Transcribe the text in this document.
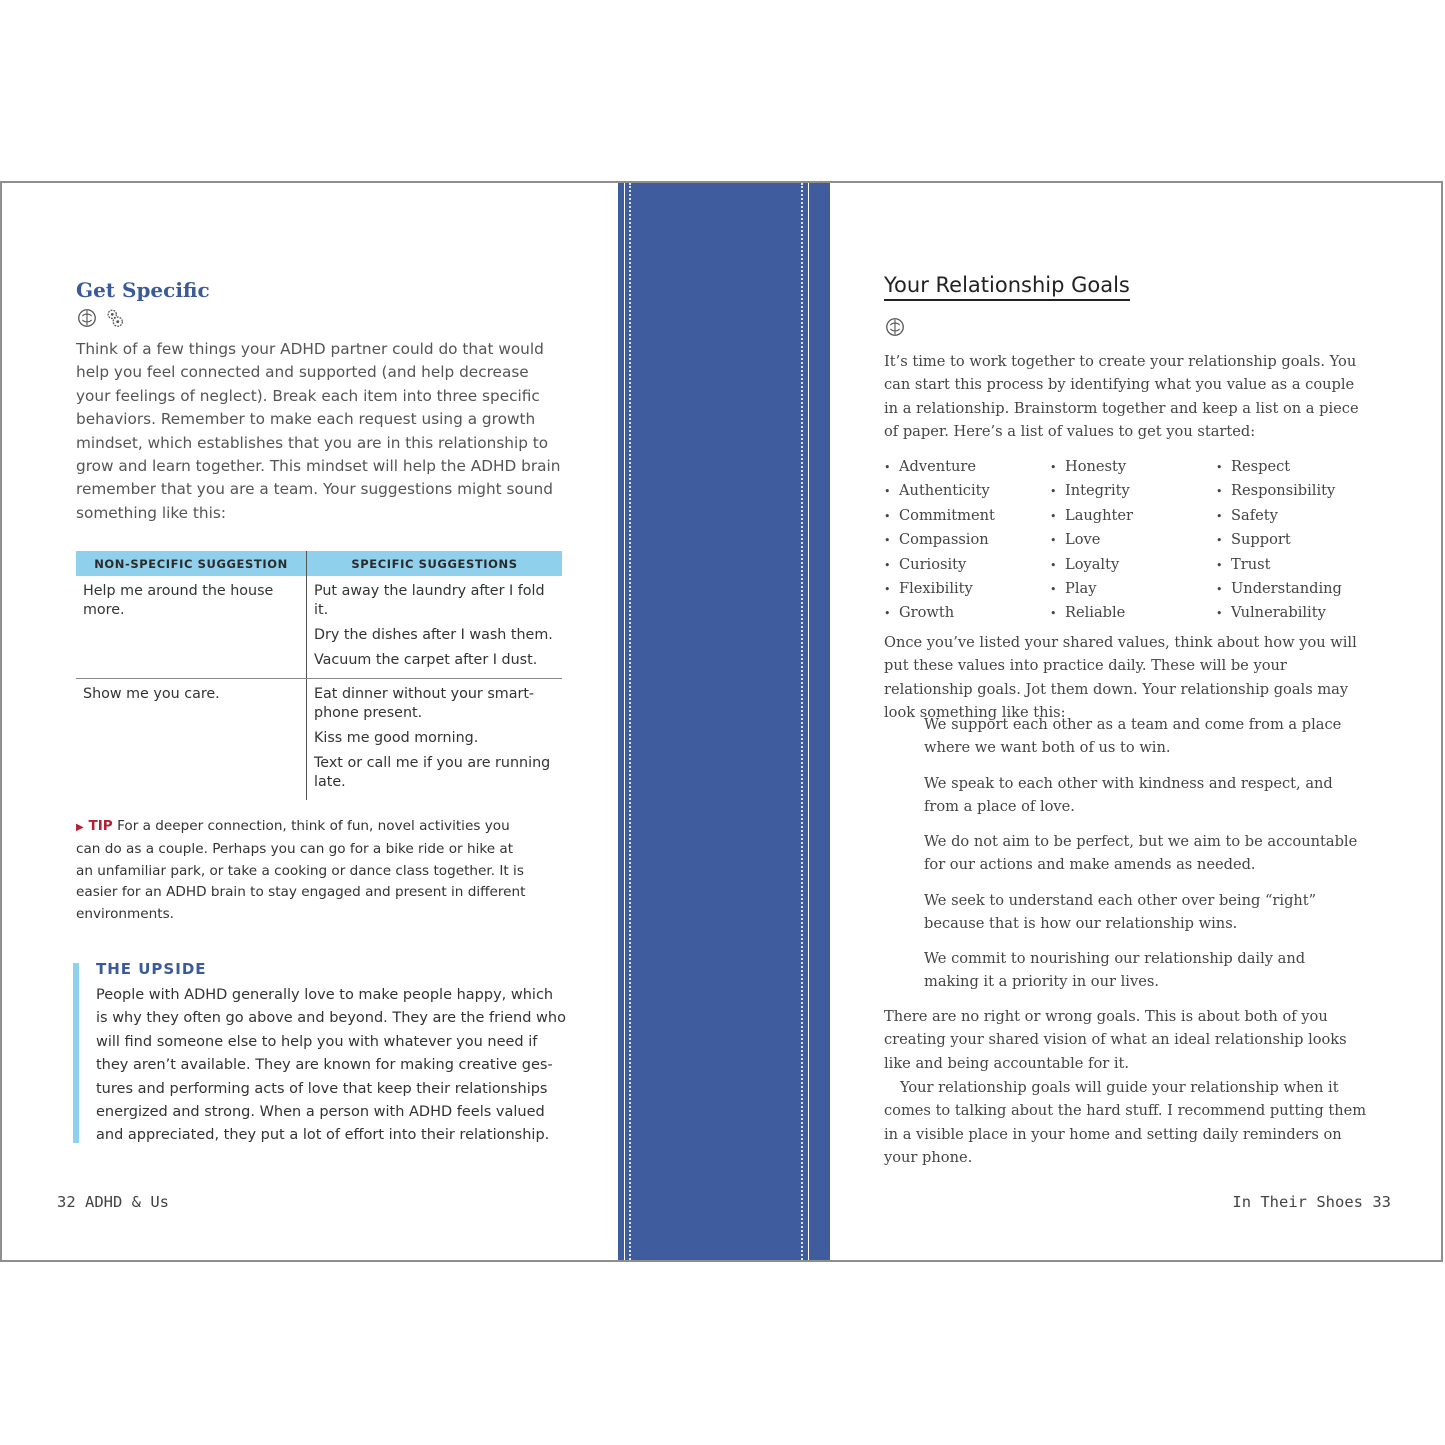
Get Specific

Think of a few things your ADHD partner could do that would help you feel connected and supported (and help decrease your feelings of neglect). Break each item into three specific behaviors. Remember to make each request using a growth mindset, which establishes that you are in this relationship to grow and learn together. This mindset will help the ADHD brain remember that you are a team. Your suggestions might sound something like this:

NON-SPECIFIC SUGGESTION	SPECIFIC SUGGESTIONS
Help me around the house more.	Put away the laundry after I fold it.

Dry the dishes after I wash them.

Vacuum the carpet after I dust.

Show me you care.	Eat dinner without your smart-phone present.

Kiss me good morning.

Text or call me if you are running late.

▶ TIP For a deeper connection, think of fun, novel activities you can do as a couple. Perhaps you can go for a bike ride or hike at an unfamiliar park, or take a cooking or dance class together. It is easier for an ADHD brain to stay engaged and present in different environments.

THE UPSIDE

People with ADHD generally love to make people happy, which is why they often go above and beyond. They are the friend who will find someone else to help you with whatever you need if they aren’t available. They are known for making creative ges-tures and performing acts of love that keep their relationships energized and strong. When a person with ADHD feels valued and appreciated, they put a lot of effort into their relationship.

32 ADHD & Us

Your Relationship Goals

It’s time to work together to create your relationship goals. You can start this process by identifying what you value as a couple in a relationship. Brainstorm together and keep a list on a piece of paper. Here’s a list of values to get you started:

• Adventure
• Authenticity
• Commitment
• Compassion
• Curiosity
• Flexibility
• Growth
• Honesty
• Integrity
• Laughter
• Love
• Loyalty
• Play
• Reliable
• Respect
• Responsibility
• Safety
• Support
• Trust
• Understanding
• Vulnerability

Once you’ve listed your shared values, think about how you will put these values into practice daily. These will be your relationship goals. Jot them down. Your relationship goals may look something like this:

We support each other as a team and come from a place where we want both of us to win.

We speak to each other with kindness and respect, and from a place of love.

We do not aim to be perfect, but we aim to be accountable for our actions and make amends as needed.

We seek to understand each other over being “right” because that is how our relationship wins.

We commit to nourishing our relationship daily and making it a priority in our lives.

There are no right or wrong goals. This is about both of you creating your shared vision of what an ideal relationship looks like and being accountable for it.

Your relationship goals will guide your relationship when it comes to talking about the hard stuff. I recommend putting them in a visible place in your home and setting daily reminders on your phone.

In Their Shoes 33
